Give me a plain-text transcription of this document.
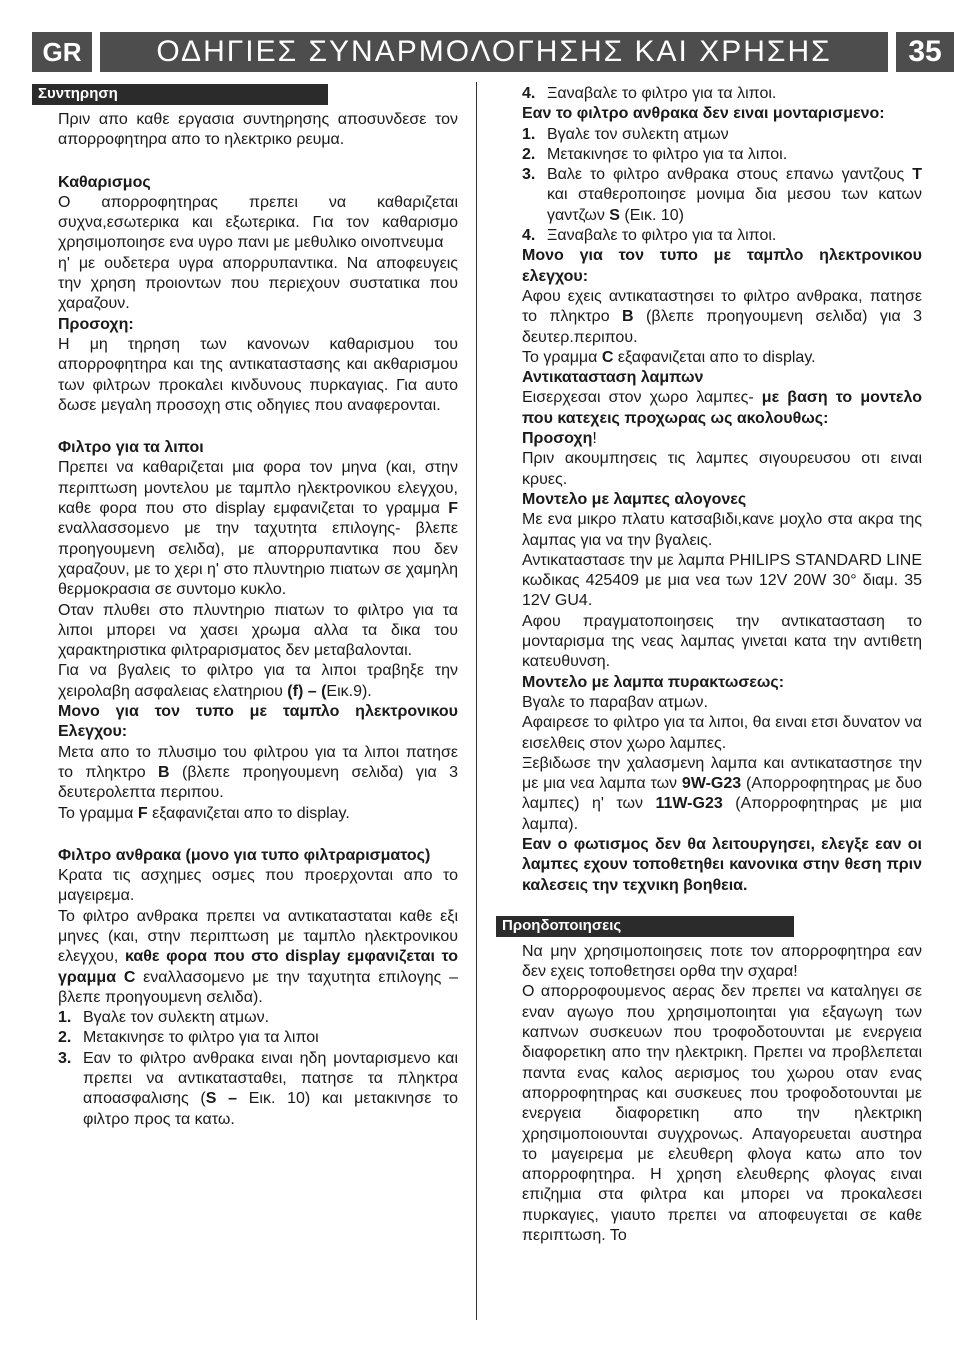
GR	ΟΔΗΓΙΕΣ ΣΥΝΑΡΜΟΛΟΓΗΣΗΣ ΚΑΙ ΧΡΗΣΗΣ	35
Συντηρηση

Πριν απο καθε εργασια συντηρησης αποσυνδεσε τον απορροφητηρα απο το ηλεκτρικο ρευμα.

Καθαρισμος

Ο απορροφητηρας πρεπει να καθαριζεται συχνα,εσωτερικα και εξωτερικα. Για τον καθαρισμο χρησιμοποιησε ενα υγρο πανι με μεθυλικο οινοπνευμα

η' με ουδετερα υγρα απορρυπαντικα. Να αποφευγεις την χρηση προιοντων που περιεχουν συστατικα που χαραζουν.

Προσοχη:

Η μη τηρηση των κανονων καθαρισμου του απορροφητηρα και της αντικαταστασης και ακθαρισμου των φιλτρων προκαλει κινδυνους πυρκαγιας. Για αυτο δωσε μεγαλη προσοχη στις οδηγιες που αναφερονται.

Φιλτρο για τα λιποι

Πρεπει να καθαριζεται μια φορα τον μηνα (και, στην περιπτωση μοντελου με ταμπλο ηλεκτρονικου ελεγχου, καθε φορα που στο display εμφανιζεται το γραμμα F εναλλασσομενο με την ταχυτητα επιλογης- βλεπε προηγουμενη σελιδα), με απορρυπαντικα που δεν χαραζουν, με το χερι η' στο πλυντηριο πιατων σε χαμηλη θερμοκρασια σε συντομο κυκλο.

Οταν πλυθει στο πλυντηριο πιατων το φιλτρο για τα λιποι μπορει να χασει χρωμα αλλα τα δικα του χαρακτηριστικα φιλτραρισματος δεν μεταβαλονται.

Για να βγαλεις το φιλτρο για τα λιποι τραβηξε την χειρολαβη ασφαλειας ελατηριου (f) – (Εικ.9).

Μονο για τον τυπο με ταμπλο ηλεκτρονικου Ελεγχου:

Μετα απο το πλυσιμο του φιλτρου για τα λιποι πατησε το πληκτρο B (βλεπε προηγουμενη σελιδα) για 3 δευτερολεπτα περιπου.

Το γραμμα F εξαφανιζεται απο το display.

Φιλτρο ανθρακα (μονο για τυπο φιλτραρισματος)

Κρατα τις ασχημες οσμες που προερχονται απο το μαγειρεμα.

Το φιλτρο ανθρακα πρεπει να αντικατασταται καθε εξι μηνες (και, στην περιπτωση με ταμπλο ηλεκτρονικου ελεγχου, καθε φορα που στο display εμφανιζεται το γραμμα C εναλλασομενο με την ταχυτητα επιλογης – βλεπε προηγουμενη σελιδα).

1. Βγαλε τον συλεκτη ατμων.
2. Μετακινησε το φιλτρο για τα λιποι
3. Εαν το φιλτρο ανθρακα ειναι ηδη μονταρισμενο και πρεπει να αντικατασταθει, πατησε τα πληκτρα αποασφαλισης (S – Εικ. 10) και μετακινησε το φιλτρο προς τα κατω.
4. Ξαναβαλε το φιλτρο για τα λιποι.

Εαν το φιλτρο ανθρακα δεν ειναι μονταρισμενο:

1. Βγαλε τον συλεκτη ατμων
2. Μετακινησε το φιλτρο για τα λιποι.
3. Βαλε το φιλτρο ανθρακα στους επανω γαντζους T και σταθεροποιησε μονιμα δια μεσου των κατων γαντζων S (Εικ. 10)
4. Ξαναβαλε το φιλτρο για τα λιποι.

Μονο για τον τυπο με ταμπλο ηλεκτρονικου ελεγχου:

Αφου εχεις αντικαταστησει το φιλτρο ανθρακα, πατησε το πληκτρο B (βλεπε προηγουμενη σελιδα) για 3 δευτερ.περιπου.

Το γραμμα C εξαφανιζεται απο το display.

Αντικατασταση λαμπων

Εισερχεσαι στον χωρο λαμπες- με βαση το μοντελο που κατεχεις προχωρας ως ακολουθως:

Προσοχη!

Πριν ακουμπησεις τις λαμπες σιγουρευσου οτι ειναι κρυες.

Μοντελο με λαμπες αλογονες

Με ενα μικρο πλατυ κατσαβιδι,κανε μοχλο στα ακρα της λαμπας για να την βγαλεις.

Αντικαταστασε την με λαμπα PHILIPS STANDARD LINE κωδικας 425409 με μια νεα των 12V 20W 30° διαμ. 35 12V GU4.

Αφου πραγματοποιησεις την αντικατασταση το μονταρισμα της νεας λαμπας γινεται κατα την αντιθετη κατευθυνση.

Μοντελο με λαμπα πυρακτωσεως:

Βγαλε το παραβαν ατμων.

Αφαιρεσε το φιλτρο για τα λιποι, θα ειναι ετσι δυνατον να εισελθεις στον χωρο λαμπες.

Ξεβιδωσε την χαλασμενη λαμπα και αντικαταστησε την με μια νεα λαμπα των 9W-G23 (Απορροφητηρας με δυο λαμπες) η' των 11W-G23 (Απορροφητηρας με μια λαμπα).

Εαν ο φωτισμος δεν θα λειτουργησει, ελεγξε εαν οι λαμπες εχουν τοποθετηθει κανονικα στην θεση πριν καλεσεις την τεχνικη βοηθεια.

Προηδοποιησεις

Να μην χρησιμοποιησεις ποτε τον απορροφητηρα εαν δεν εχεις τοποθετησει ορθα την σχαρα!

Ο απορροφουμενος αερας δεν πρεπει να καταληγει σε εναν αγωγο που χρησιμοποιηται για εξαγωγη των καπνων συσκευων που τροφοδοτουνται με ενεργεια διαφορετικη απο την ηλεκτρικη. Πρεπει να προβλεπεται παντα ενας καλος αερισμος του χωρου οταν ενας απορροφητηρας και συσκευες που τροφοδοτουνται με ενεργεια διαφορετικη απο την ηλεκτρικη χρησιμοποιουνται συγχρονως. Απαγορευεται αυστηρα το μαγειρεμα με ελευθερη φλογα κατω απο τον απορροφητηρα. Η χρηση ελευθερης φλογας ειναι επιζημια στα φιλτρα και μπορει να προκαλεσει πυρκαγιες, γιαυτο πρεπει να αποφευγεται σε καθε περιπτωση. Το
